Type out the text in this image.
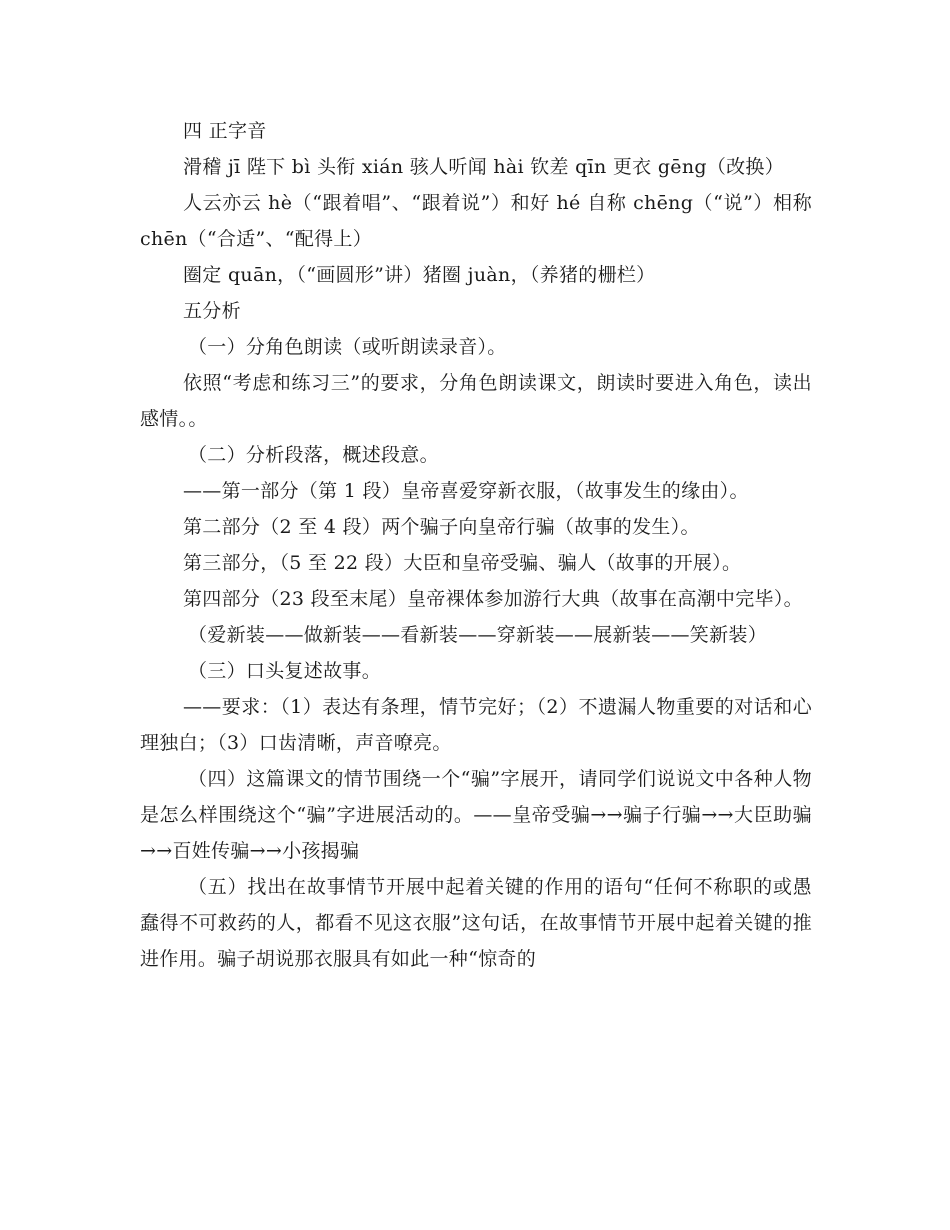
四 正字音

滑稽 jī 陛下 bì 头衔 xián 骇人听闻 hài 钦差 qīn 更衣 gēng（改换）

人云亦云 hè（“跟着唱”、“跟着说”）和好 hé 自称 chēng（“说”）相称 chēn（“合适”、“配得上）

圈定 quān，（“画圆形”讲）猪圈 juàn，（养猪的栅栏）

五分析

（一）分角色朗读（或听朗读录音）。

依照“考虑和练习三”的要求，分角色朗读课文，朗读时要进入角色，读出感情。。

（二）分析段落，概述段意。

——第一部分（第 1 段）皇帝喜爱穿新衣服，（故事发生的缘由）。

第二部分（2 至 4 段）两个骗子向皇帝行骗（故事的发生）。

第三部分，（5 至 22 段）大臣和皇帝受骗、骗人（故事的开展）。

第四部分（23 段至末尾）皇帝裸体参加游行大典（故事在高潮中完毕）。

（爱新装——做新装——看新装——穿新装——展新装——笑新装）

（三）口头复述故事。

——要求：（1）表达有条理，情节完好；（2）不遗漏人物重要的对话和心理独白；（3）口齿清晰，声音嘹亮。

（四）这篇课文的情节围绕一个“骗”字展开，请同学们说说文中各种人物是怎么样围绕这个“骗”字进展活动的。——皇帝受骗→→骗子行骗→→大臣助骗→→百姓传骗→→小孩揭骗

（五）找出在故事情节开展中起着关键的作用的语句“任何不称职的或愚蠢得不可救药的人，都看不见这衣服”这句话，在故事情节开展中起着关键的推进作用。骗子胡说那衣服具有如此一种“惊奇的
